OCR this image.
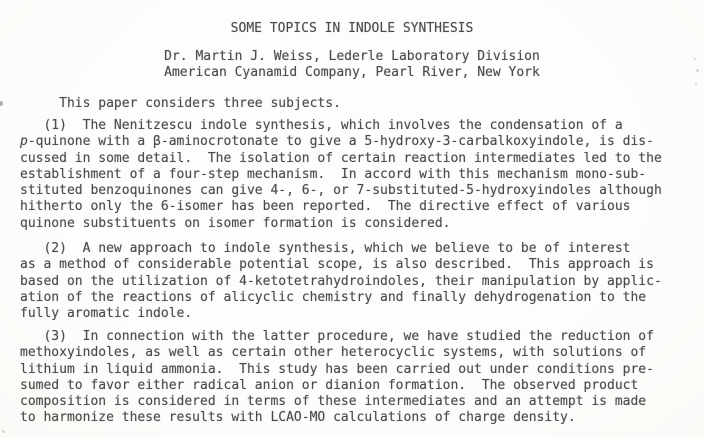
SOME TOPICS IN INDOLE SYNTHESIS
Dr. Martin J. Weiss, Lederle Laboratory Division
American Cyanamid Company, Pearl River, New York
This paper considers three subjects.
(1)  The Nenitzescu indole synthesis, which involves the condensation of a
p-quinone with a β-aminocrotonate to give a 5-hydroxy-3-carbalkoxyindole, is dis-
cussed in some detail.  The isolation of certain reaction intermediates led to the
establishment of a four-step mechanism.  In accord with this mechanism mono-sub-
stituted benzoquinones can give 4-, 6-, or 7-substituted-5-hydroxyindoles although
hitherto only the 6-isomer has been reported.  The directive effect of various
quinone substituents on isomer formation is considered.
(2)  A new approach to indole synthesis, which we believe to be of interest
as a method of considerable potential scope, is also described.  This approach is
based on the utilization of 4-ketotetrahydroindoles, their manipulation by applic-
ation of the reactions of alicyclic chemistry and finally dehydrogenation to the
fully aromatic indole.
(3)  In connection with the latter procedure, we have studied the reduction of
methoxyindoles, as well as certain other heterocyclic systems, with solutions of
lithium in liquid ammonia.  This study has been carried out under conditions pre-
sumed to favor either radical anion or dianion formation.  The observed product
composition is considered in terms of these intermediates and an attempt is made
to harmonize these results with LCAO-MO calculations of charge density.
